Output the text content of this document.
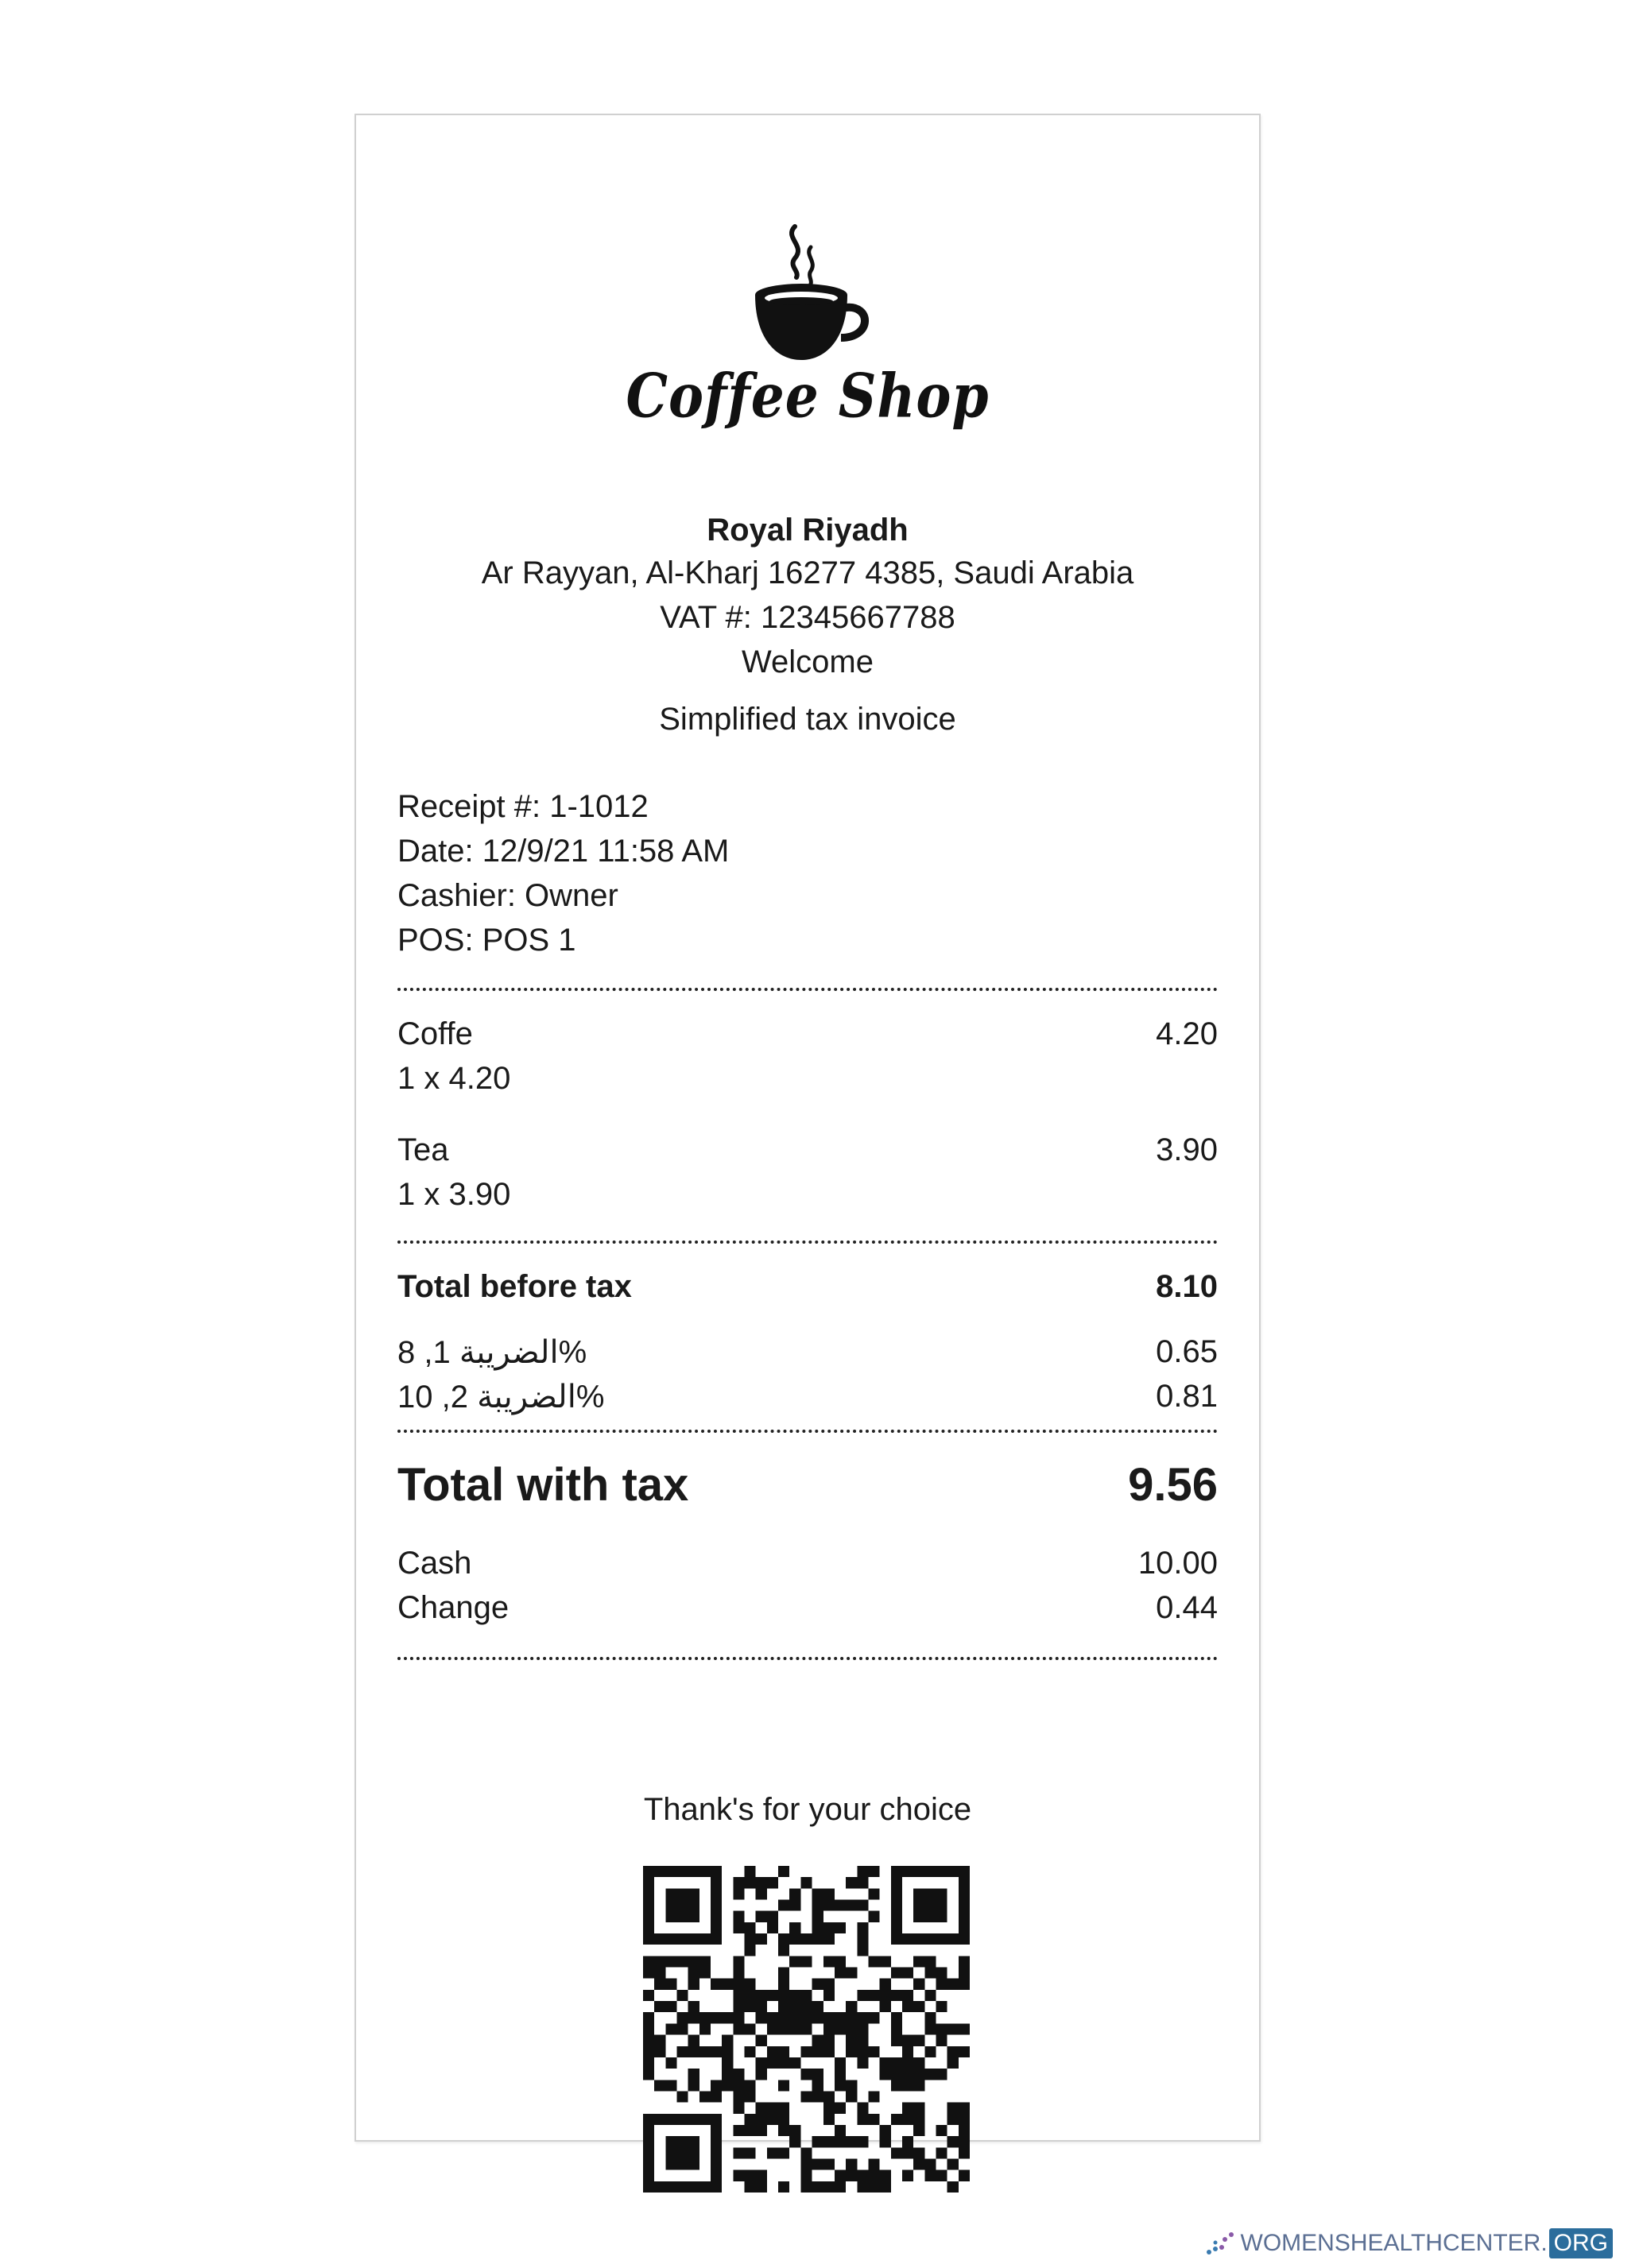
Coffee Shop
Royal Riyadh
Ar Rayyan, Al-Kharj 16277 4385, Saudi Arabia
VAT #: 12345667788
Welcome
Simplified tax invoice
Receipt #: 1-1012
Date: 12/9/21 11:58 AM
Cashier: Owner
POS: POS 1
Coffe	4.20
1 x 4.20
Tea	3.90
1 x 3.90
Total before tax	8.10
الضريبة 1, 8%	0.65
الضريبة 2, 10%	0.81
Total with tax	9.56
Cash	10.00
Change	0.44
Thank's for your choice
WOMENSHEALTHCENTER. ORG
